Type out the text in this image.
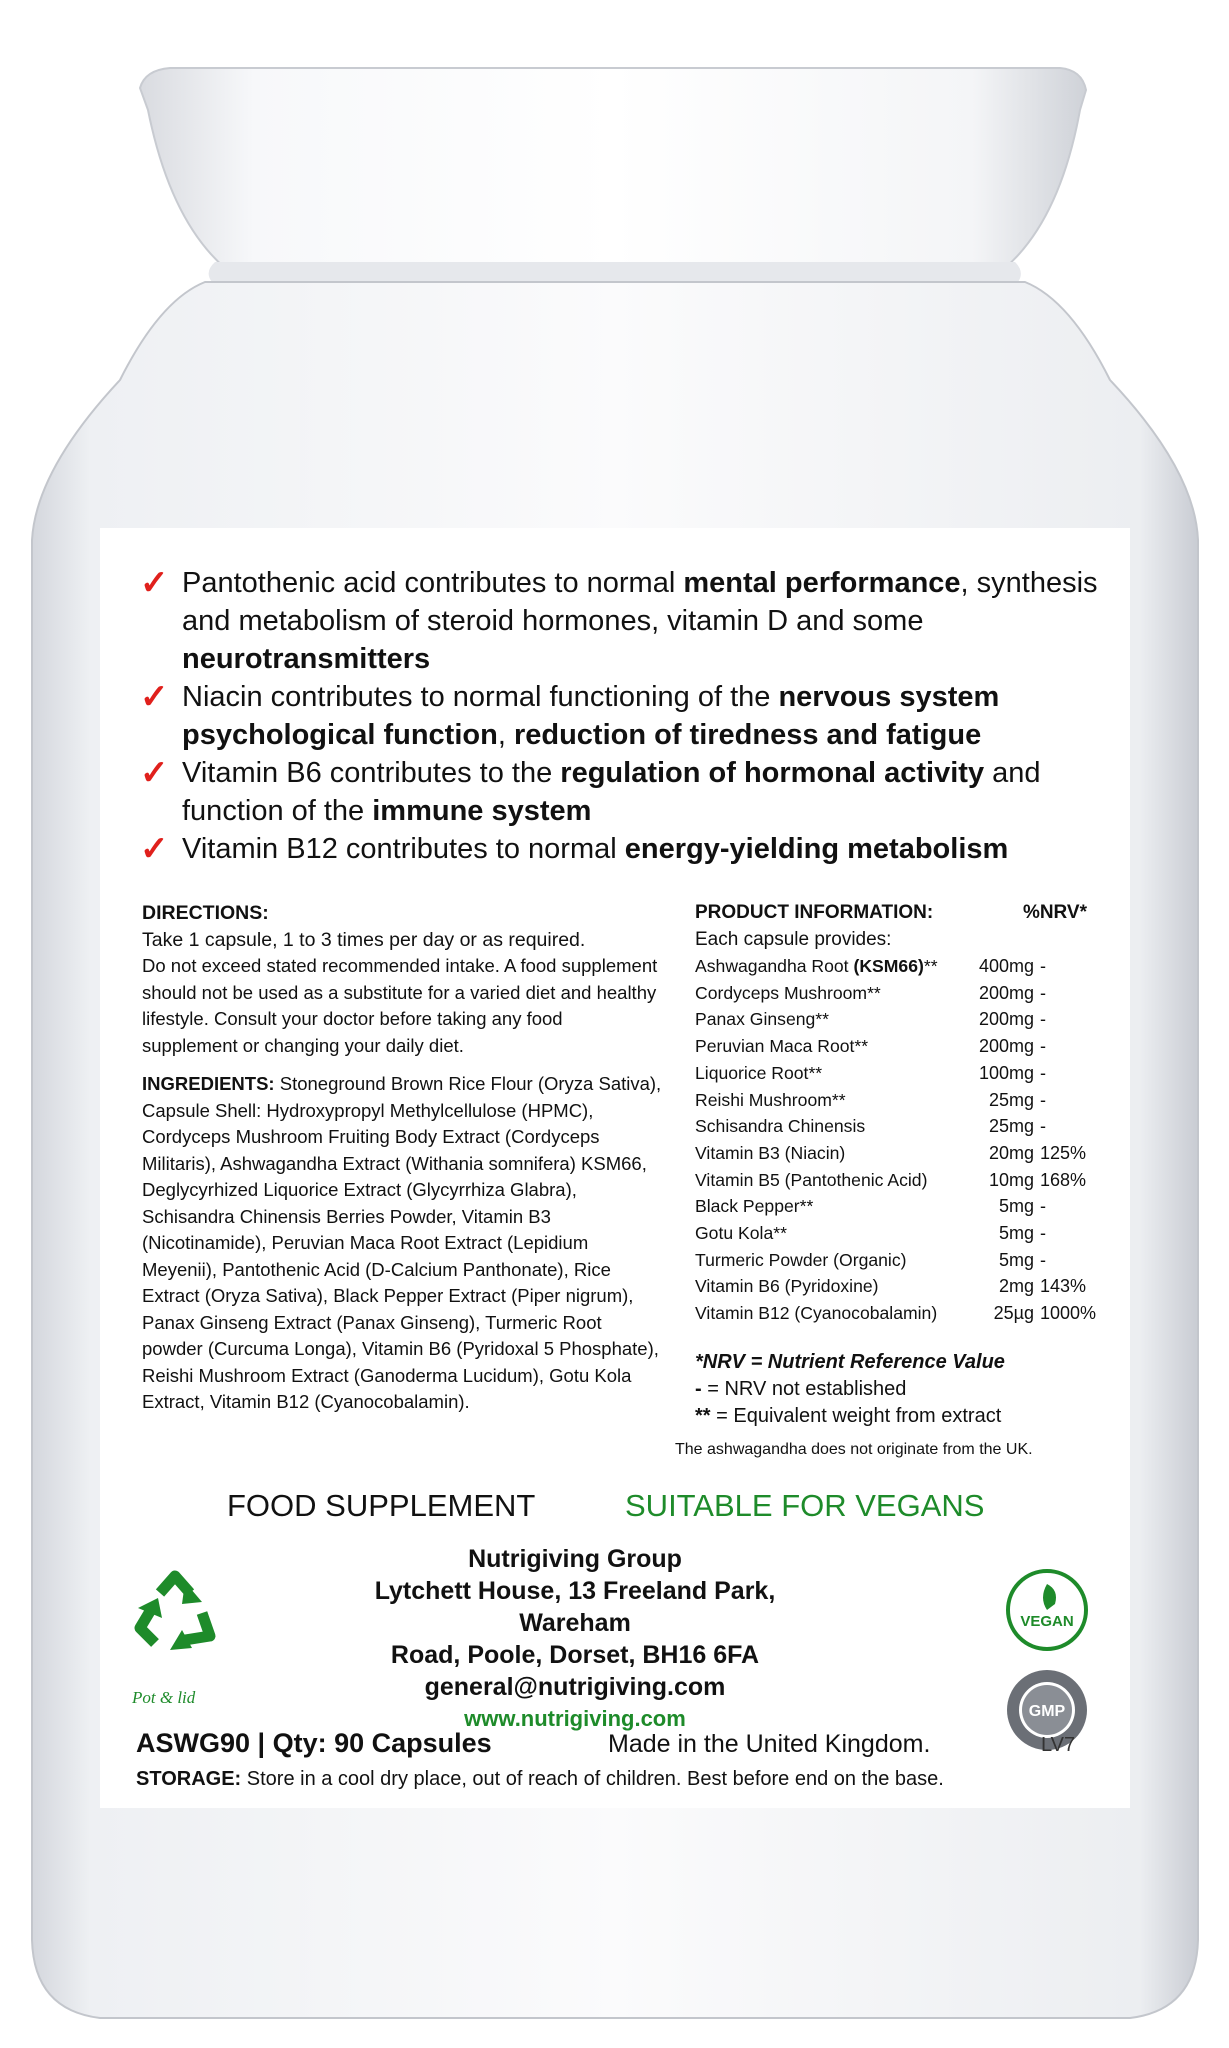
✓ Pantothenic acid contributes to normal mental performance, synthesis and metabolism of steroid hormones, vitamin D and some neurotransmitters
✓ Niacin contributes to normal functioning of the nervous system psychological function, reduction of tiredness and fatigue
✓ Vitamin B6 contributes to the regulation of hormonal activity and function of the immune system
✓ Vitamin B12 contributes to normal energy-yielding metabolism
DIRECTIONS:
Take 1 capsule, 1 to 3 times per day or as required.
Do not exceed stated recommended intake. A food supplement should not be used as a substitute for a varied diet and healthy lifestyle. Consult your doctor before taking any food supplement or changing your daily diet.
INGREDIENTS: Stoneground Brown Rice Flour (Oryza Sativa), Capsule Shell: Hydroxypropyl Methylcellulose (HPMC), Cordyceps Mushroom Fruiting Body Extract (Cordyceps Militaris), Ashwagandha Extract (Withania somnifera) KSM66, Deglycyrhized Liquorice Extract (Glycyrrhiza Glabra), Schisandra Chinensis Berries Powder, Vitamin B3 (Nicotinamide), Peruvian Maca Root Extract (Lepidium Meyenii), Pantothenic Acid (D-Calcium Panthonate), Rice Extract (Oryza Sativa), Black Pepper Extract (Piper nigrum), Panax Ginseng Extract (Panax Ginseng), Turmeric Root powder (Curcuma Longa), Vitamin B6 (Pyridoxal 5 Phosphate), Reishi Mushroom Extract (Ganoderma Lucidum), Gotu Kola Extract, Vitamin B12 (Cyanocobalamin).
PRODUCT INFORMATION:	%NRV*
Each capsule provides:
Ashwagandha Root (KSM66)**	400mg	-
Cordyceps Mushroom**	200mg	-
Panax Ginseng**	200mg	-
Peruvian Maca Root**	200mg	-
Liquorice Root**	100mg	-
Reishi Mushroom**	25mg	-
Schisandra Chinensis	25mg	-
Vitamin B3 (Niacin)	20mg	125%
Vitamin B5 (Pantothenic Acid)	10mg	168%
Black Pepper**	5mg	-
Gotu Kola**	5mg	-
Turmeric Powder (Organic)	5mg	-
Vitamin B6 (Pyridoxine)	2mg	143%
Vitamin B12 (Cyanocobalamin)	25µg	1000%
*NRV = Nutrient Reference Value
- = NRV not established
** = Equivalent weight from extract
The ashwagandha does not originate from the UK.
FOOD SUPPLEMENT	SUITABLE FOR VEGANS
Pot & lid
Nutrigiving Group
Lytchett House, 13 Freeland Park, Wareham
Road, Poole, Dorset, BH16 6FA
general@nutrigiving.com
www.nutrigiving.com
VEGAN
GMP
ASWG90 | Qty: 90 Capsules	Made in the United Kingdom.	LV7
STORAGE: Store in a cool dry place, out of reach of children. Best before end on the base.
